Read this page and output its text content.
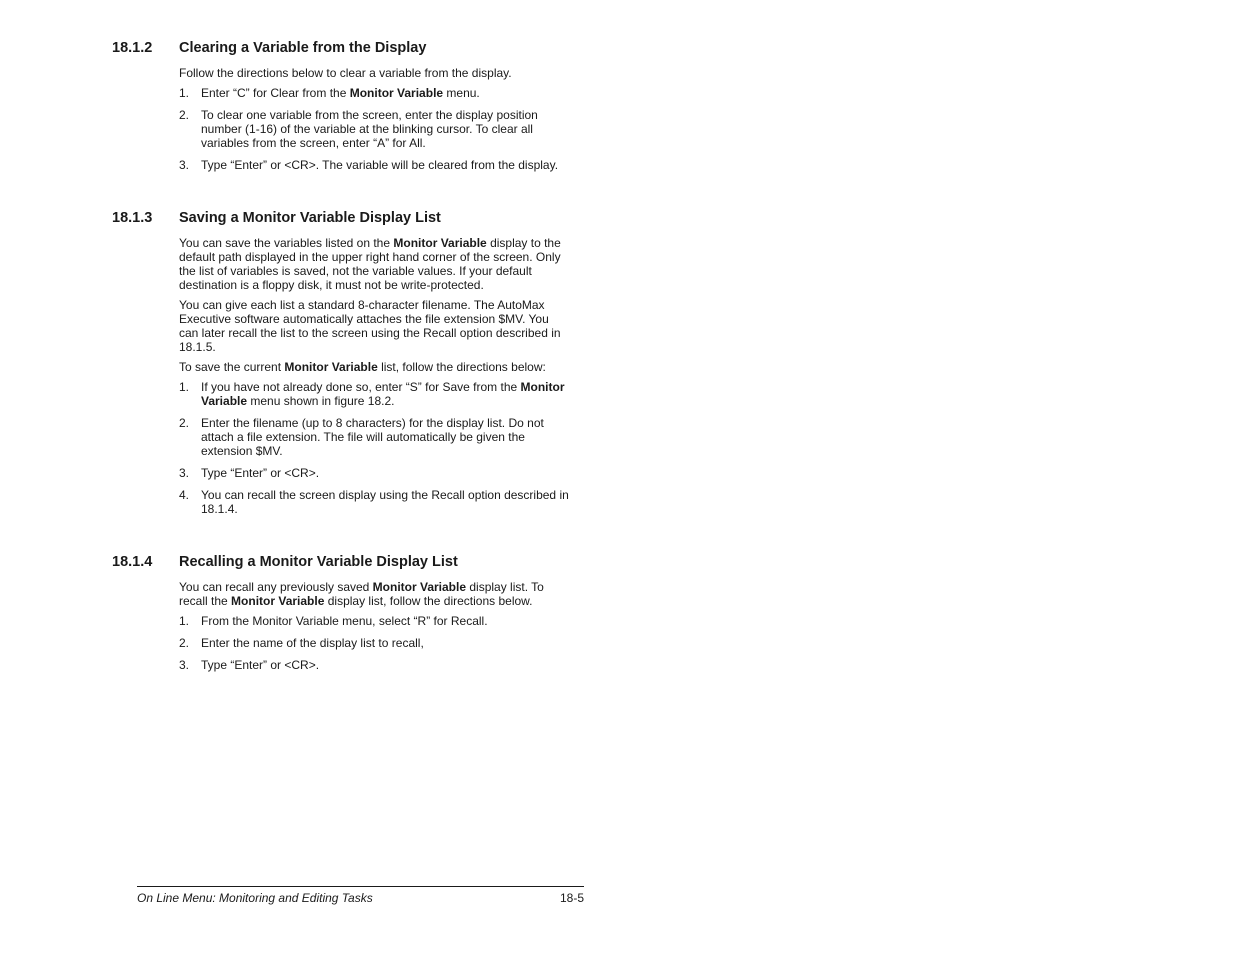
18.1.2 Clearing a Variable from the Display

Follow the directions below to clear a variable from the display.

1. Enter “C” for Clear from the Monitor Variable menu.
2. To clear one variable from the screen, enter the display position number (1-16) of the variable at the blinking cursor. To clear all variables from the screen, enter “A” for All.
3. Type “Enter” or <CR>. The variable will be cleared from the display.
18.1.3 Saving a Monitor Variable Display List

You can save the variables listed on the Monitor Variable display to the default path displayed in the upper right hand corner of the screen. Only the list of variables is saved, not the variable values. If your default destination is a floppy disk, it must not be write-protected.

You can give each list a standard 8-character filename. The AutoMax Executive software automatically attaches the file extension $MV. You can later recall the list to the screen using the Recall option described in 18.1.5.

To save the current Monitor Variable list, follow the directions below:

1. If you have not already done so, enter “S” for Save from the Monitor Variable menu shown in figure 18.2.
2. Enter the filename (up to 8 characters) for the display list. Do not attach a file extension. The file will automatically be given the extension $MV.
3. Type “Enter” or <CR>.
4. You can recall the screen display using the Recall option described in 18.1.4.
18.1.4 Recalling a Monitor Variable Display List

You can recall any previously saved Monitor Variable display list. To recall the Monitor Variable display list, follow the directions below.

1. From the Monitor Variable menu, select “R” for Recall.
2. Enter the name of the display list to recall,
3. Type “Enter” or <CR>.
On Line Menu: Monitoring and Editing Tasks	18-5
